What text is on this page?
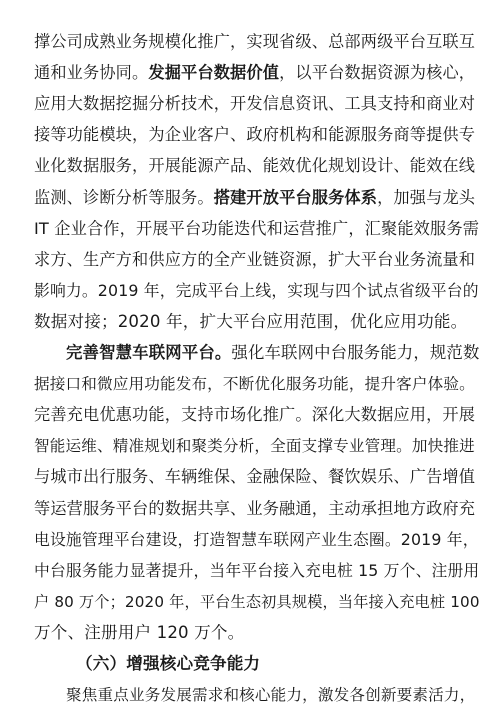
撑公司成熟业务规模化推广，实现省级、总部两级平台互联互
通和业务协同。发掘平台数据价值，以平台数据资源为核心，
应用大数据挖掘分析技术，开发信息资讯、工具支持和商业对
接等功能模块，为企业客户、政府机构和能源服务商等提供专
业化数据服务，开展能源产品、能效优化规划设计、能效在线
监测、诊断分析等服务。搭建开放平台服务体系，加强与龙头
IT 企业合作，开展平台功能迭代和运营推广，汇聚能效服务需
求方、生产方和供应方的全产业链资源，扩大平台业务流量和
影响力。2019 年，完成平台上线，实现与四个试点省级平台的
数据对接；2020 年，扩大平台应用范围，优化应用功能。
完善智慧车联网平台。强化车联网中台服务能力，规范数
据接口和微应用功能发布，不断优化服务功能，提升客户体验。
完善充电优惠功能，支持市场化推广。深化大数据应用，开展
智能运维、精准规划和聚类分析，全面支撑专业管理。加快推进
与城市出行服务、车辆维保、金融保险、餐饮娱乐、广告增值
等运营服务平台的数据共享、业务融通，主动承担地方政府充
电设施管理平台建设，打造智慧车联网产业生态圈。2019 年，
中台服务能力显著提升，当年平台接入充电桩 15 万个、注册用
户 80 万个；2020 年，平台生态初具规模，当年接入充电桩 100
万个、注册用户 120 万个。
（六）增强核心竞争能力
聚焦重点业务发展需求和核心能力，激发各创新要素活力，
